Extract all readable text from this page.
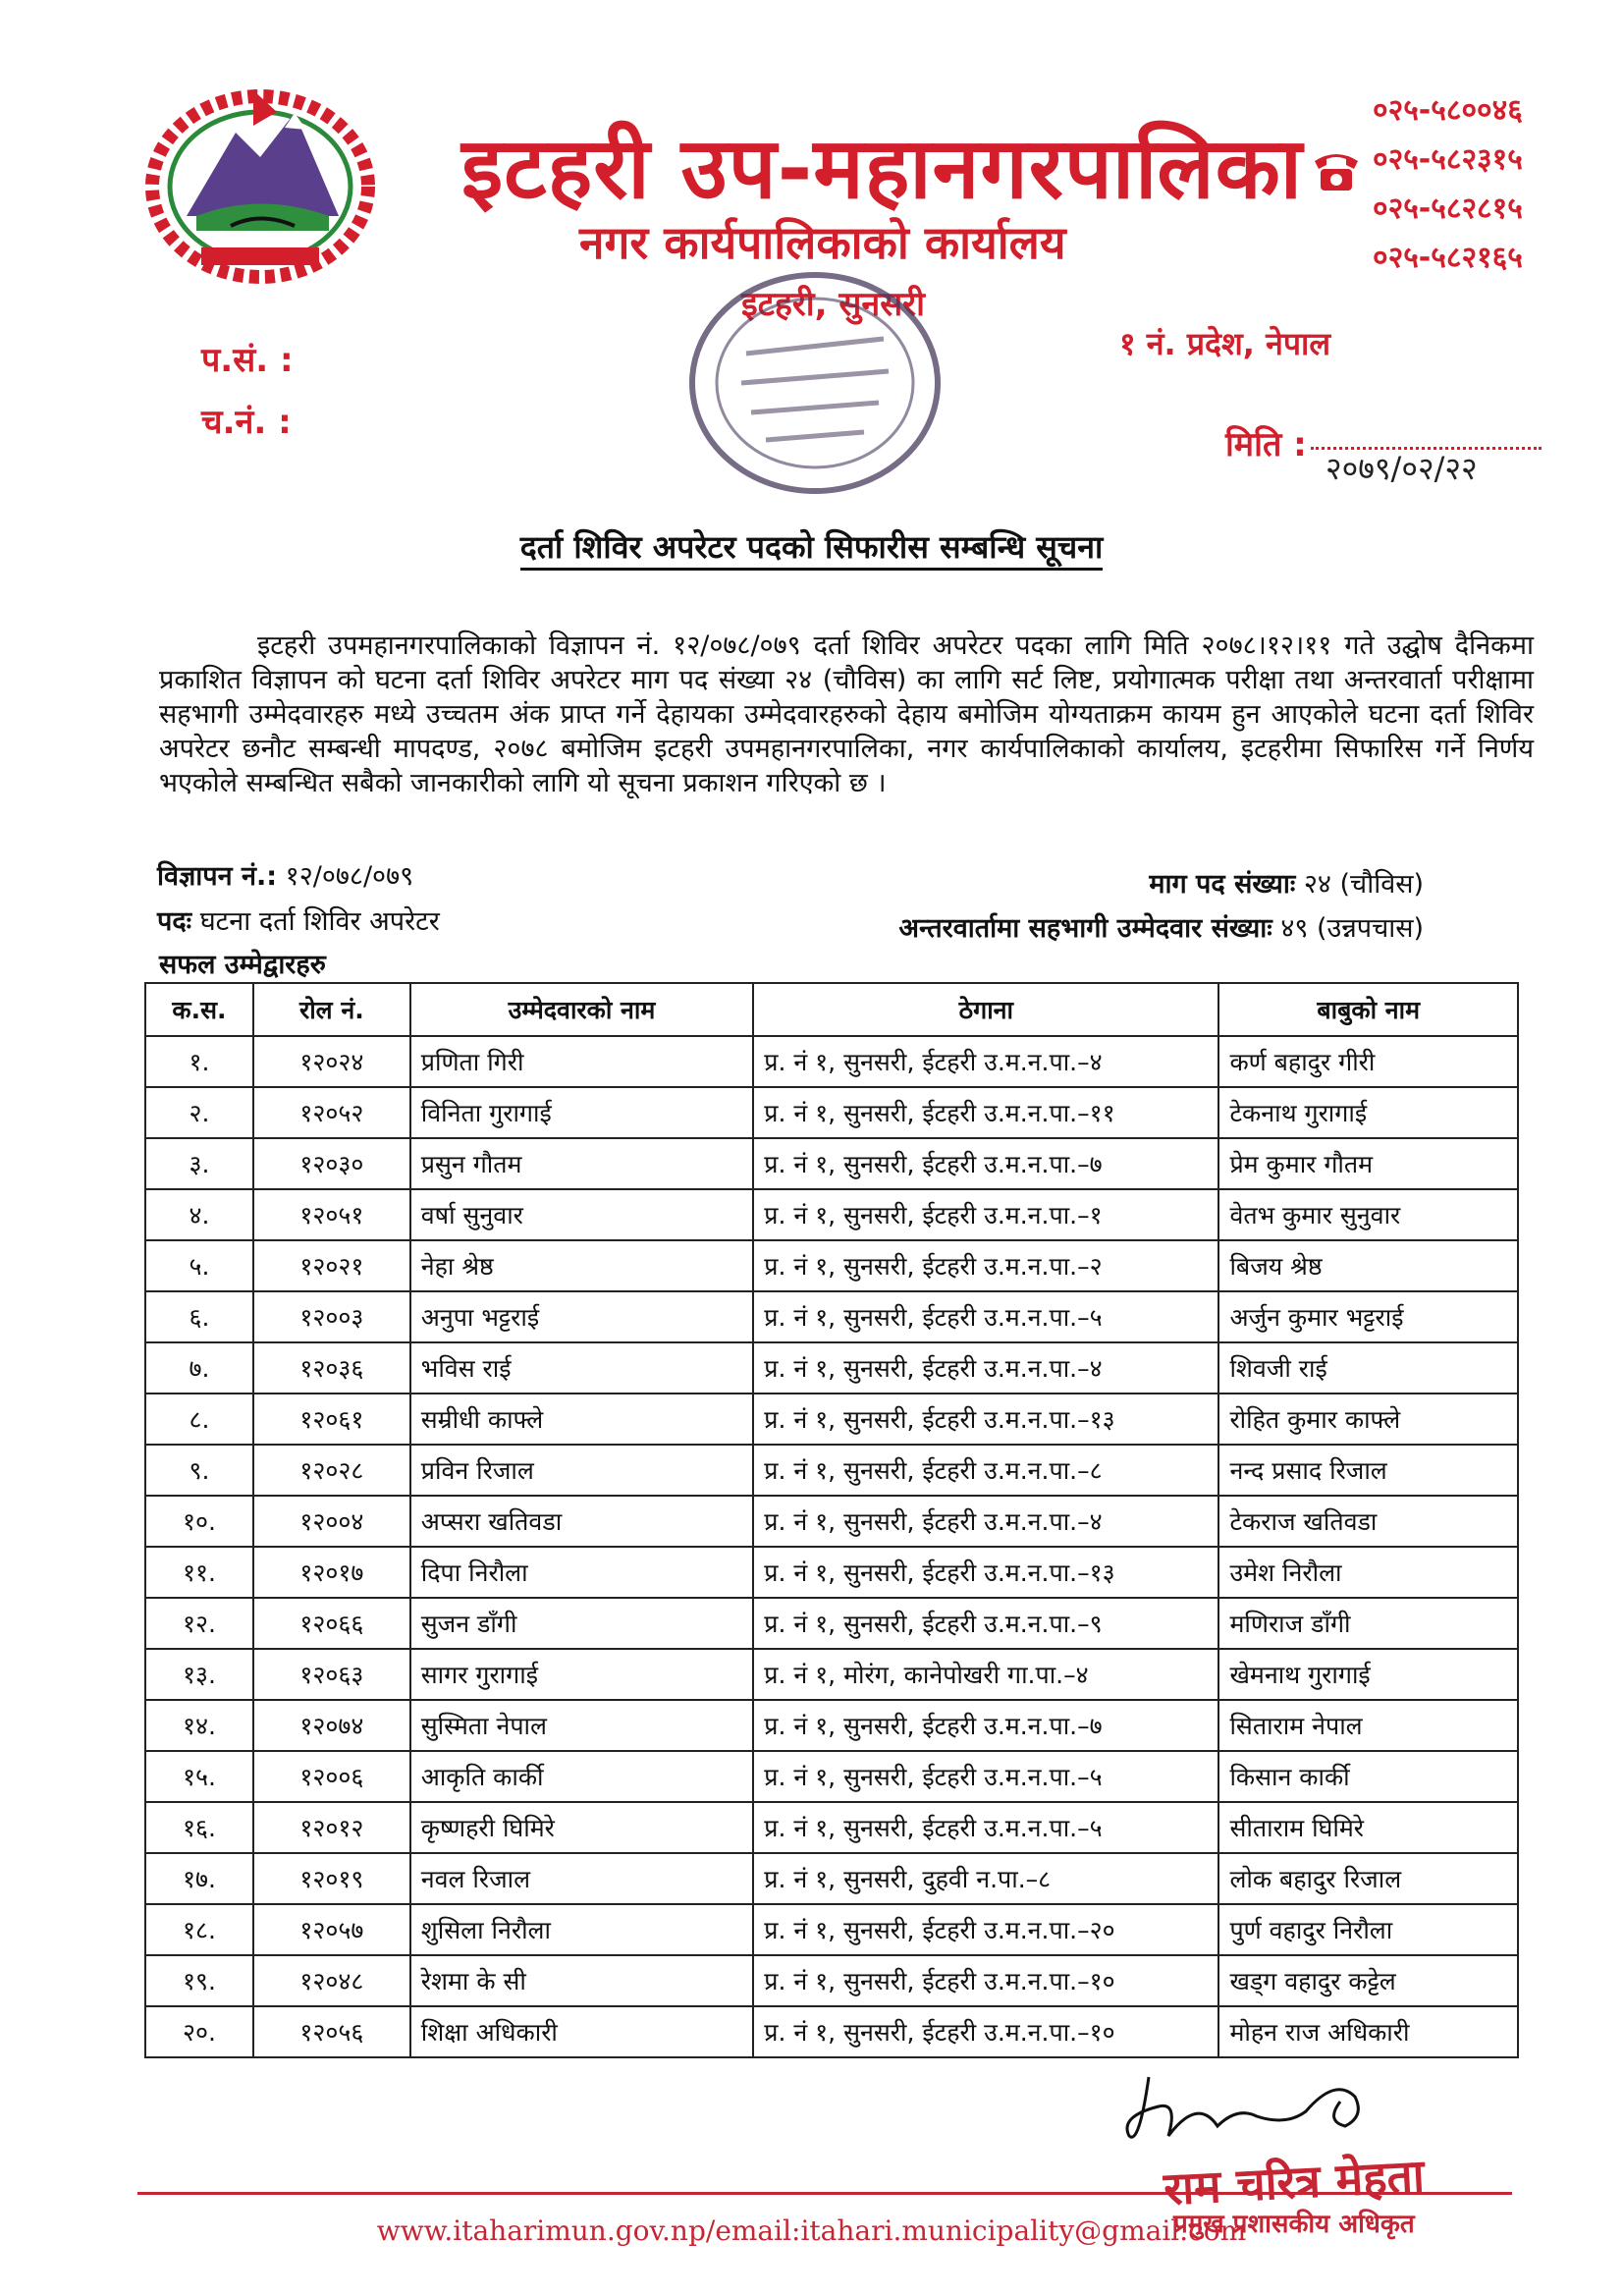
इटहरी उप-महानगरपालिका
नगर कार्यपालिकाको कार्यालय
इटहरी, सुनसरी
०२५-५८००४६
०२५-५८२३१५
०२५-५८२८१५
०२५-५८२१६५
१ नं. प्रदेश, नेपाल
प.सं. :
च.नं. :
मिति :
२०७९/०२/२२
दर्ता शिविर अपरेटर पदको सिफारीस सम्बन्धि सूचना
इटहरी उपमहानगरपालिकाको विज्ञापन नं. १२/०७८/०७९ दर्ता शिविर अपरेटर पदका लागि मिति २०७८।१२।११ गते उद्घोष दैनिकमा प्रकाशित विज्ञापन को घटना दर्ता शिविर अपरेटर माग पद संख्या २४ (चौविस) का लागि सर्ट लिष्ट, प्रयोगात्मक परीक्षा तथा अन्तरवार्ता परीक्षामा सहभागी उम्मेदवारहरु मध्ये उच्चतम अंक प्राप्त गर्ने देहायका उम्मेदवारहरुको देहाय बमोजिम योग्यताक्रम कायम हुन आएकोले घटना दर्ता शिविर अपरेटर छनौट सम्बन्धी मापदण्ड, २०७८ बमोजिम इटहरी उपमहानगरपालिका, नगर कार्यपालिकाको कार्यालय, इटहरीमा सिफारिस गर्ने निर्णय भएकोले सम्बन्धित सबैको जानकारीको लागि यो सूचना प्रकाशन गरिएको छ ।
विज्ञापन नं.: १२/०७८/०७९	माग पद संख्याः २४ (चौविस)
पदः घटना दर्ता शिविर अपरेटर	अन्तरवार्तामा सहभागी उम्मेदवार संख्याः ४९ (उन्नपचास)
सफल उम्मेद्वारहरु
क.स.	रोल नं.	उम्मेदवारको नाम	ठेगाना	बाबुको नाम
१.	१२०२४	प्रणिता गिरी	प्र. नं १, सुनसरी, ईटहरी उ.म.न.पा.–४	कर्ण बहादुर गीरी
२.	१२०५२	विनिता गुरागाई	प्र. नं १, सुनसरी, ईटहरी उ.म.न.पा.–११	टेकनाथ गुरागाई
३.	१२०३०	प्रसुन गौतम	प्र. नं १, सुनसरी, ईटहरी उ.म.न.पा.–७	प्रेम कुमार गौतम
४.	१२०५१	वर्षा सुनुवार	प्र. नं १, सुनसरी, ईटहरी उ.म.न.पा.–१	वेतभ कुमार सुनुवार
५.	१२०२१	नेहा श्रेष्ठ	प्र. नं १, सुनसरी, ईटहरी उ.म.न.पा.–२	बिजय श्रेष्ठ
६.	१२००३	अनुपा भट्टराई	प्र. नं १, सुनसरी, ईटहरी उ.म.न.पा.–५	अर्जुन कुमार भट्टराई
७.	१२०३६	भविस राई	प्र. नं १, सुनसरी, ईटहरी उ.म.न.पा.–४	शिवजी राई
८.	१२०६१	सम्रीधी काफ्ले	प्र. नं १, सुनसरी, ईटहरी उ.म.न.पा.–१३	रोहित कुमार काफ्ले
९.	१२०२८	प्रविन रिजाल	प्र. नं १, सुनसरी, ईटहरी उ.म.न.पा.–८	नन्द प्रसाद रिजाल
१०.	१२००४	अप्सरा खतिवडा	प्र. नं १, सुनसरी, ईटहरी उ.म.न.पा.–४	टेकराज खतिवडा
११.	१२०१७	दिपा निरौला	प्र. नं १, सुनसरी, ईटहरी उ.म.न.पा.–१३	उमेश निरौला
१२.	१२०६६	सुजन डाँगी	प्र. नं १, सुनसरी, ईटहरी उ.म.न.पा.–९	मणिराज डाँगी
१३.	१२०६३	सागर गुरागाई	प्र. नं १, मोरंग, कानेपोखरी गा.पा.–४	खेमनाथ गुरागाई
१४.	१२०७४	सुस्मिता नेपाल	प्र. नं १, सुनसरी, ईटहरी उ.म.न.पा.–७	सिताराम नेपाल
१५.	१२००६	आकृति कार्की	प्र. नं १, सुनसरी, ईटहरी उ.म.न.पा.–५	किसान कार्की
१६.	१२०१२	कृष्णहरी घिमिरे	प्र. नं १, सुनसरी, ईटहरी उ.म.न.पा.–५	सीताराम घिमिरे
१७.	१२०१९	नवल रिजाल	प्र. नं १, सुनसरी, दुहवी न.पा.–८	लोक बहादुर रिजाल
१८.	१२०५७	शुसिला निरौला	प्र. नं १, सुनसरी, ईटहरी उ.म.न.पा.–२०	पुर्ण वहादुर निरौला
१९.	१२०४८	रेशमा के सी	प्र. नं १, सुनसरी, ईटहरी उ.म.न.पा.–१०	खड्ग वहादुर कट्टेल
२०.	१२०५६	शिक्षा अधिकारी	प्र. नं १, सुनसरी, ईटहरी उ.म.न.पा.–१०	मोहन राज अधिकारी
राम चरित्र मेहता
प्रमुख प्रशासकीय अधिकृत
www.itaharimun.gov.np/email:itahari.municipality@gmail.com
